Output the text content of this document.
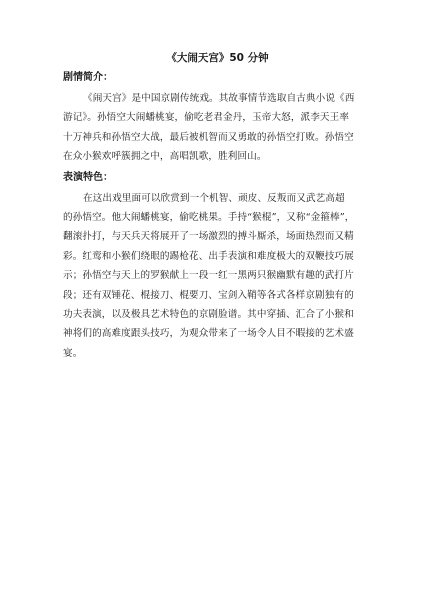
《大闹天宫》50 分钟
剧情简介：
《闹天宫》是中国京剧传统戏。其故事情节选取自古典小说《西
游记》。孙悟空大闹蟠桃宴，偷吃老君金丹，玉帝大怒，派李天王率
十万神兵和孙悟空大战，最后被机智而又勇敢的孙悟空打败。孙悟空
在众小猴欢呼簇拥之中，高唱凯歌，胜利回山。
表演特色：
在这出戏里面可以欣赏到一个机智、顽皮、反叛而又武艺高超
的孙悟空。他大闹蟠桃宴，偷吃桃果。手持“猴棍”，又称“金箍棒”，
翻滚扑打，与天兵天将展开了一场激烈的搏斗厮杀，场面热烈而又精
彩。红鸾和小猴们绕眼的踢枪花、出手表演和难度极大的双鞭技巧展
示；孙悟空与天上的罗猴献上一段一红一黑两只猴幽默有趣的武打片
段；还有双锤花、棍接刀、棍要刀、宝剑入鞘等各式各样京剧独有的
功夫表演，以及极具艺术特色的京剧脸谱。其中穿插、汇合了小猴和
神将们的高难度跟头技巧，为观众带来了一场令人目不暇接的艺术盛
宴。
